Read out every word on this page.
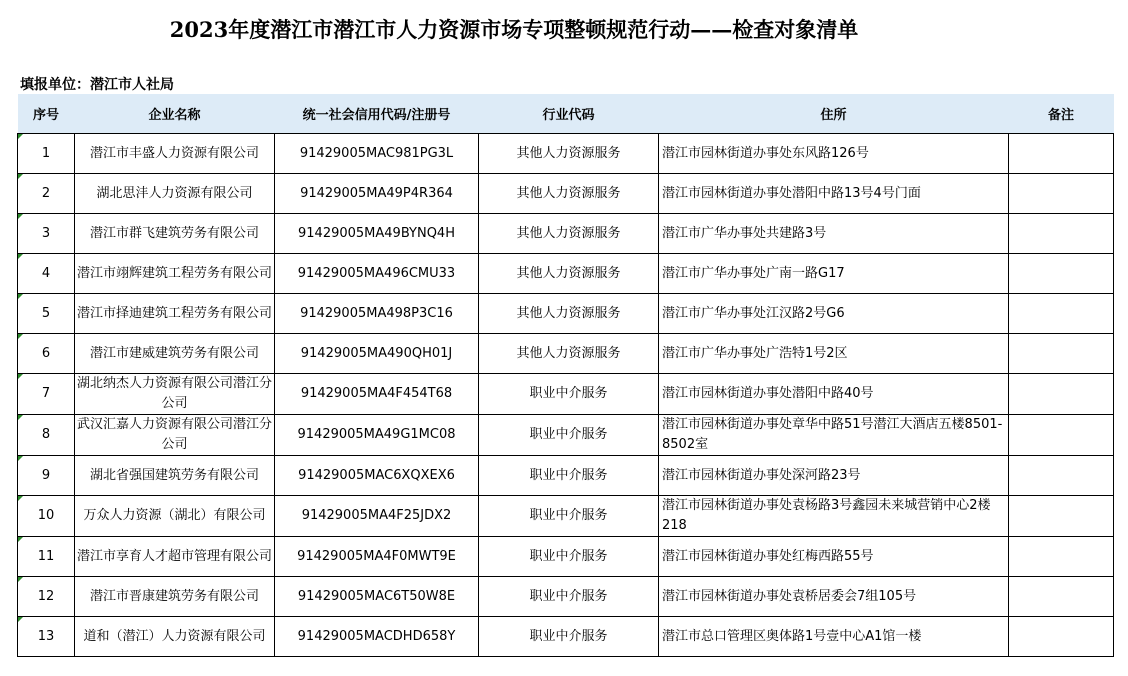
2023年度潜江市潜江市人力资源市场专项整顿规范行动——检查对象清单
填报单位：潜江市人社局
序号	企业名称	统一社会信用代码/注册号	行业代码	住所	备注
1	潜江市丰盛人力资源有限公司	91429005MAC981PG3L	其他人力资源服务	潜江市园林街道办事处东风路126号	
2	湖北思沣人力资源有限公司	91429005MA49P4R364	其他人力资源服务	潜江市园林街道办事处潜阳中路13号4号门面	
3	潜江市群飞建筑劳务有限公司	91429005MA49BYNQ4H	其他人力资源服务	潜江市广华办事处共建路3号	
4	潜江市翊辉建筑工程劳务有限公司	91429005MA496CMU33	其他人力资源服务	潜江市广华办事处广南一路G17	
5	潜江市择迪建筑工程劳务有限公司	91429005MA498P3C16	其他人力资源服务	潜江市广华办事处江汉路2号G6	
6	潜江市建威建筑劳务有限公司	91429005MA490QH01J	其他人力资源服务	潜江市广华办事处广浩特1号2区	
7	湖北纳杰人力资源有限公司潜江分公司	91429005MA4F454T68	职业中介服务	潜江市园林街道办事处潜阳中路40号	
8	武汉汇嘉人力资源有限公司潜江分公司	91429005MA49G1MC08	职业中介服务	潜江市园林街道办事处章华中路51号潜江大酒店五楼8501-8502室	
9	湖北省强国建筑劳务有限公司	91429005MAC6XQXEX6	职业中介服务	潜江市园林街道办事处深河路23号	
10	万众人力资源（湖北）有限公司	91429005MA4F25JDX2	职业中介服务	潜江市园林街道办事处袁杨路3号鑫园未来城营销中心2楼218	
11	潜江市享育人才超市管理有限公司	91429005MA4F0MWT9E	职业中介服务	潜江市园林街道办事处红梅西路55号	
12	潜江市晋康建筑劳务有限公司	91429005MAC6T50W8E	职业中介服务	潜江市园林街道办事处袁桥居委会7组105号	
13	道和（潜江）人力资源有限公司	91429005MACDHD658Y	职业中介服务	潜江市总口管理区奥体路1号壹中心A1馆一楼	
